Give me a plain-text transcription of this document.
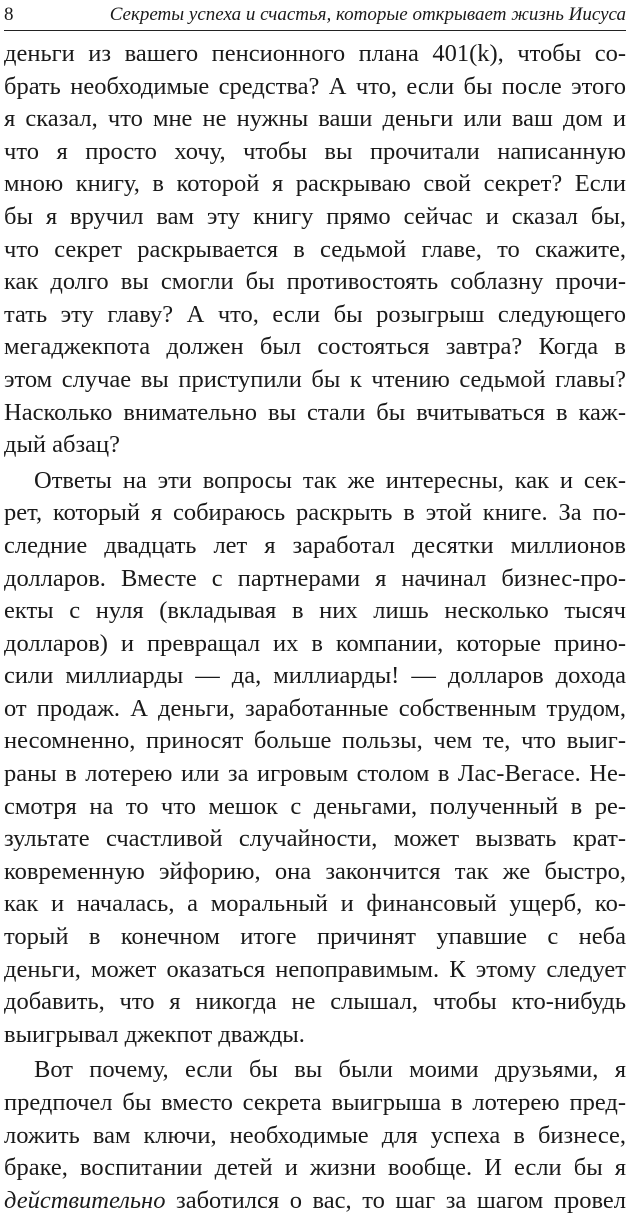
8	Секреты успеха и счастья, которые открывает жизнь Иисуса
деньги из вашего пенсионного плана 401(k), чтобы со-
брать необходимые средства? А что, если бы после этого
я сказал, что мне не нужны ваши деньги или ваш дом и
что я просто хочу, чтобы вы прочитали написанную
мною книгу, в которой я раскрываю свой секрет? Если
бы я вручил вам эту книгу прямо сейчас и сказал бы,
что секрет раскрывается в седьмой главе, то скажите,
как долго вы смогли бы противостоять соблазну прочи-
тать эту главу? А что, если бы розыгрыш следующего
мегаджекпота должен был состояться завтра? Когда в
этом случае вы приступили бы к чтению седьмой главы?
Насколько внимательно вы стали бы вчитываться в каж-
дый абзац?
Ответы на эти вопросы так же интересны, как и сек-
рет, который я собираюсь раскрыть в этой книге. За по-
следние двадцать лет я заработал десятки миллионов
долларов. Вместе с партнерами я начинал бизнес-про-
екты с нуля (вкладывая в них лишь несколько тысяч
долларов) и превращал их в компании, которые прино-
сили миллиарды — да, миллиарды! — долларов дохода
от продаж. А деньги, заработанные собственным трудом,
несомненно, приносят больше пользы, чем те, что выиг-
раны в лотерею или за игровым столом в Лас-Вегасе. Не-
смотря на то что мешок с деньгами, полученный в ре-
зультате счастливой случайности, может вызвать крат-
ковременную эйфорию, она закончится так же быстро,
как и началась, а моральный и финансовый ущерб, ко-
торый в конечном итоге причинят упавшие с неба
деньги, может оказаться непоправимым. К этому следует
добавить, что я никогда не слышал, чтобы кто-нибудь
выигрывал джекпот дважды.
Вот почему, если бы вы были моими друзьями, я
предпочел бы вместо секрета выигрыша в лотерею пред-
ложить вам ключи, необходимые для успеха в бизнесе,
браке, воспитании детей и жизни вообще. И если бы я
действительно заботился о вас, то шаг за шагом провел
